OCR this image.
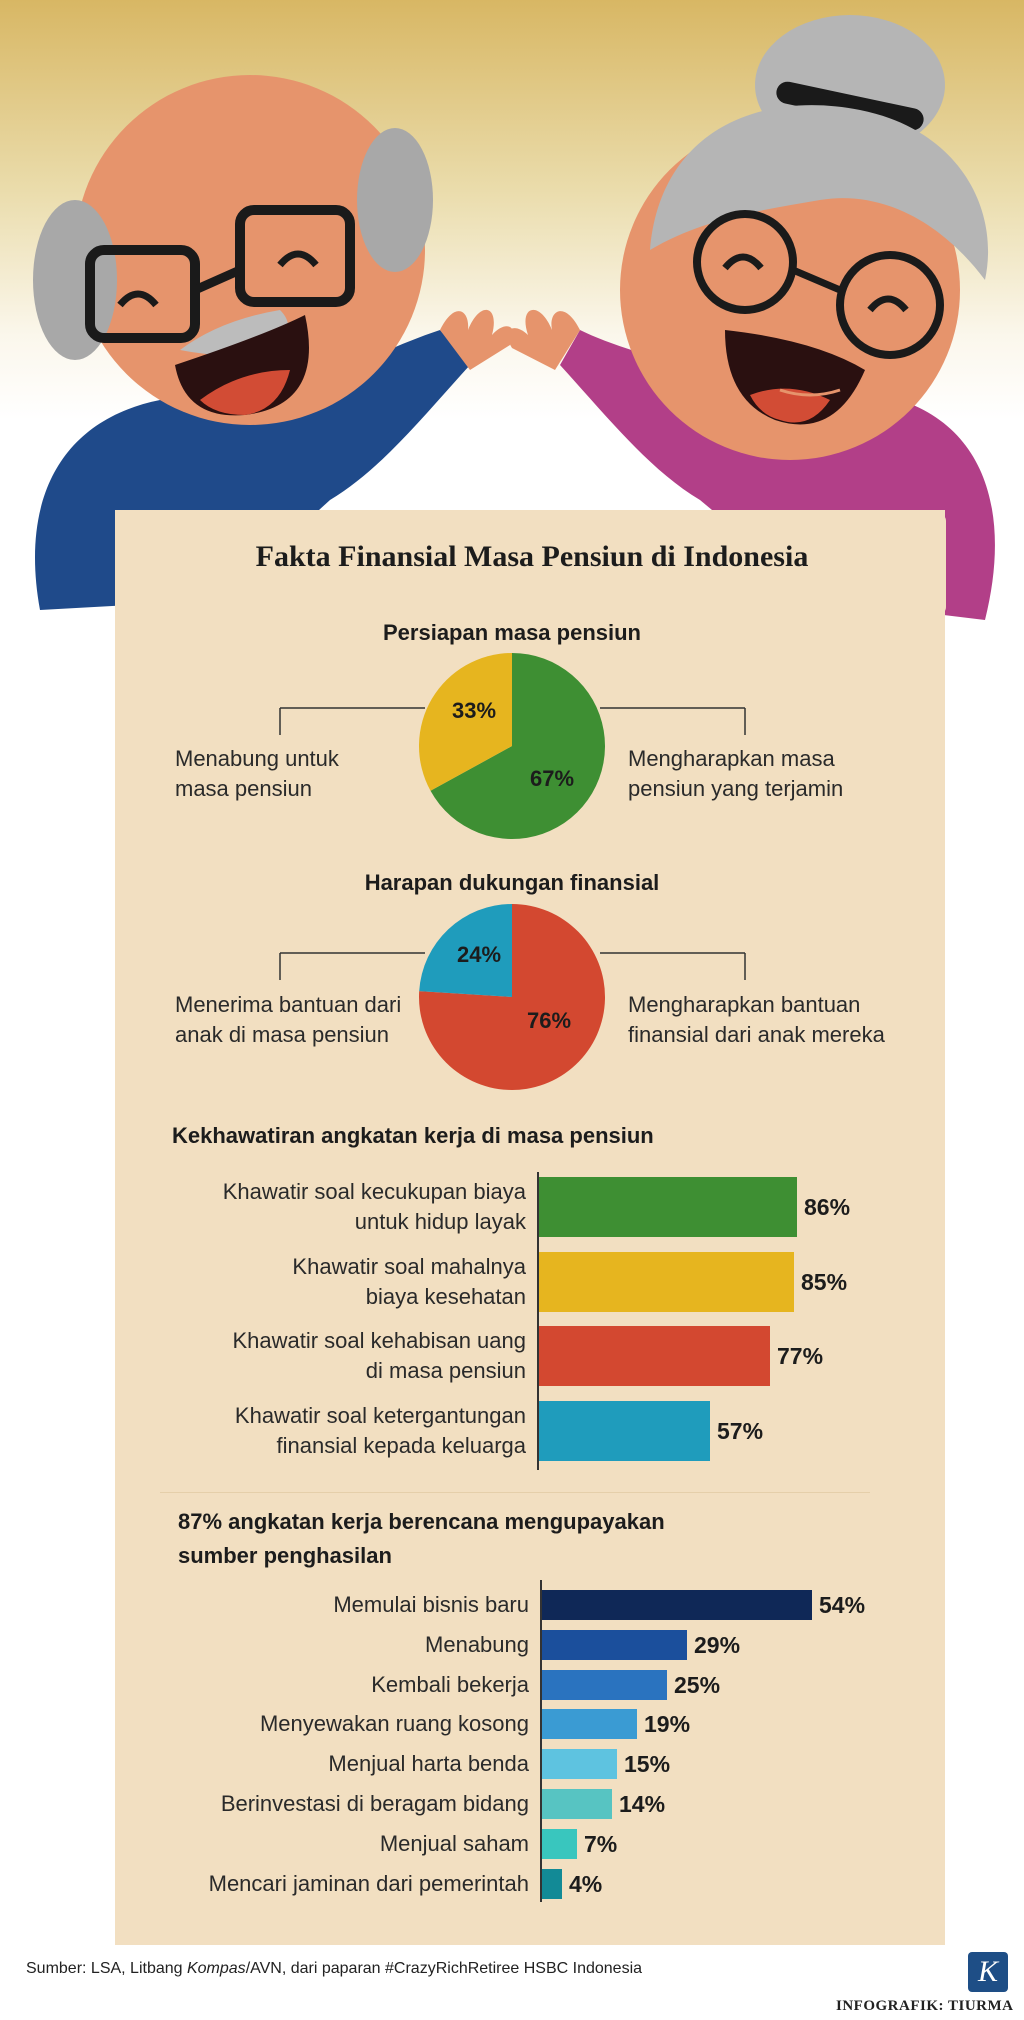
Fakta Finansial Masa Pensiun di Indonesia
Persiapan masa pensiun
Menabung untuk
masa pensiun
Mengharapkan masa
pensiun yang terjamin
33%
67%
Harapan dukungan finansial
Menerima bantuan dari
anak di masa pensiun
Mengharapkan bantuan
finansial dari anak mereka
24%
76%
Kekhawatiran angkatan kerja di masa pensiun
Khawatir soal kecukupan biaya
untuk hidup layak
86%
Khawatir soal mahalnya
biaya kesehatan
85%
Khawatir soal kehabisan uang
di masa pensiun
77%
Khawatir soal ketergantungan
finansial kepada keluarga
57%
87% angkatan kerja berencana mengupayakan
sumber penghasilan
Memulai bisnis baru	54%
Menabung	29%
Kembali bekerja	25%
Menyewakan ruang kosong	19%
Menjual harta benda	15%
Berinvestasi di beragam bidang	14%
Menjual saham 7%
Mencari jaminan dari pemerintah 4%
Sumber: LSA, Litbang Kompas/AVN, dari paparan #CrazyRichRetiree HSBC Indonesia	K
INFOGRAFIK: TIURMA
